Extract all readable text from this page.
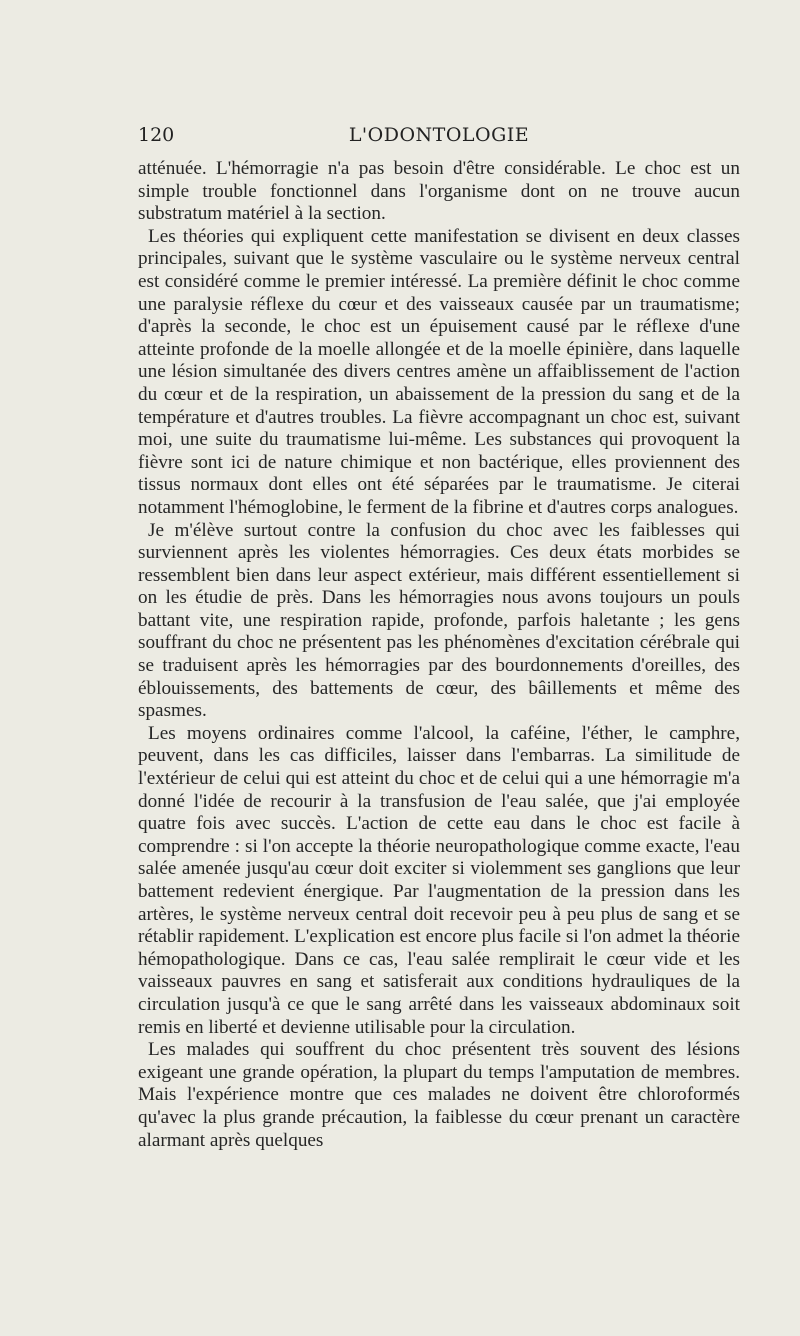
120	L'ODONTOLOGIE

atténuée. L'hémorragie n'a pas besoin d'être considérable. Le choc est un simple trouble fonctionnel dans l'organisme dont on ne trouve aucun substratum matériel à la section.

Les théories qui expliquent cette manifestation se divisent en deux classes principales, suivant que le système vasculaire ou le système nerveux central est considéré comme le premier intéressé. La première définit le choc comme une paralysie réflexe du cœur et des vaisseaux causée par un traumatisme; d'après la seconde, le choc est un épuisement causé par le réflexe d'une atteinte profonde de la moelle allongée et de la moelle épinière, dans laquelle une lésion simultanée des divers centres amène un affaiblissement de l'action du cœur et de la respiration, un abaissement de la pression du sang et de la température et d'autres troubles. La fièvre accompagnant un choc est, suivant moi, une suite du traumatisme lui-même. Les substances qui provoquent la fièvre sont ici de nature chimique et non bactérique, elles proviennent des tissus normaux dont elles ont été séparées par le traumatisme. Je citerai notamment l'hémoglobine, le ferment de la fibrine et d'autres corps analogues.

Je m'élève surtout contre la confusion du choc avec les faiblesses qui surviennent après les violentes hémorragies. Ces deux états morbides se ressemblent bien dans leur aspect extérieur, mais différent essentiellement si on les étudie de près. Dans les hémorragies nous avons toujours un pouls battant vite, une respiration rapide, profonde, parfois haletante ; les gens souffrant du choc ne présentent pas les phénomènes d'excitation cérébrale qui se traduisent après les hémorragies par des bourdonnements d'oreilles, des éblouissements, des battements de cœur, des bâillements et même des spasmes.

Les moyens ordinaires comme l'alcool, la caféine, l'éther, le camphre, peuvent, dans les cas difficiles, laisser dans l'embarras. La similitude de l'extérieur de celui qui est atteint du choc et de celui qui a une hémorragie m'a donné l'idée de recourir à la transfusion de l'eau salée, que j'ai employée quatre fois avec succès. L'action de cette eau dans le choc est facile à comprendre : si l'on accepte la théorie neuropathologique comme exacte, l'eau salée amenée jusqu'au cœur doit exciter si violemment ses ganglions que leur battement redevient énergique. Par l'augmentation de la pression dans les artères, le système nerveux central doit recevoir peu à peu plus de sang et se rétablir rapidement. L'explication est encore plus facile si l'on admet la théorie hémopathologique. Dans ce cas, l'eau salée remplirait le cœur vide et les vaisseaux pauvres en sang et satisferait aux conditions hydrauliques de la circulation jusqu'à ce que le sang arrêté dans les vaisseaux abdominaux soit remis en liberté et devienne utilisable pour la circulation.

Les malades qui souffrent du choc présentent très souvent des lésions exigeant une grande opération, la plupart du temps l'amputation de membres. Mais l'expérience montre que ces malades ne doivent être chloroformés qu'avec la plus grande précaution, la faiblesse du cœur prenant un caractère alarmant après quelques
